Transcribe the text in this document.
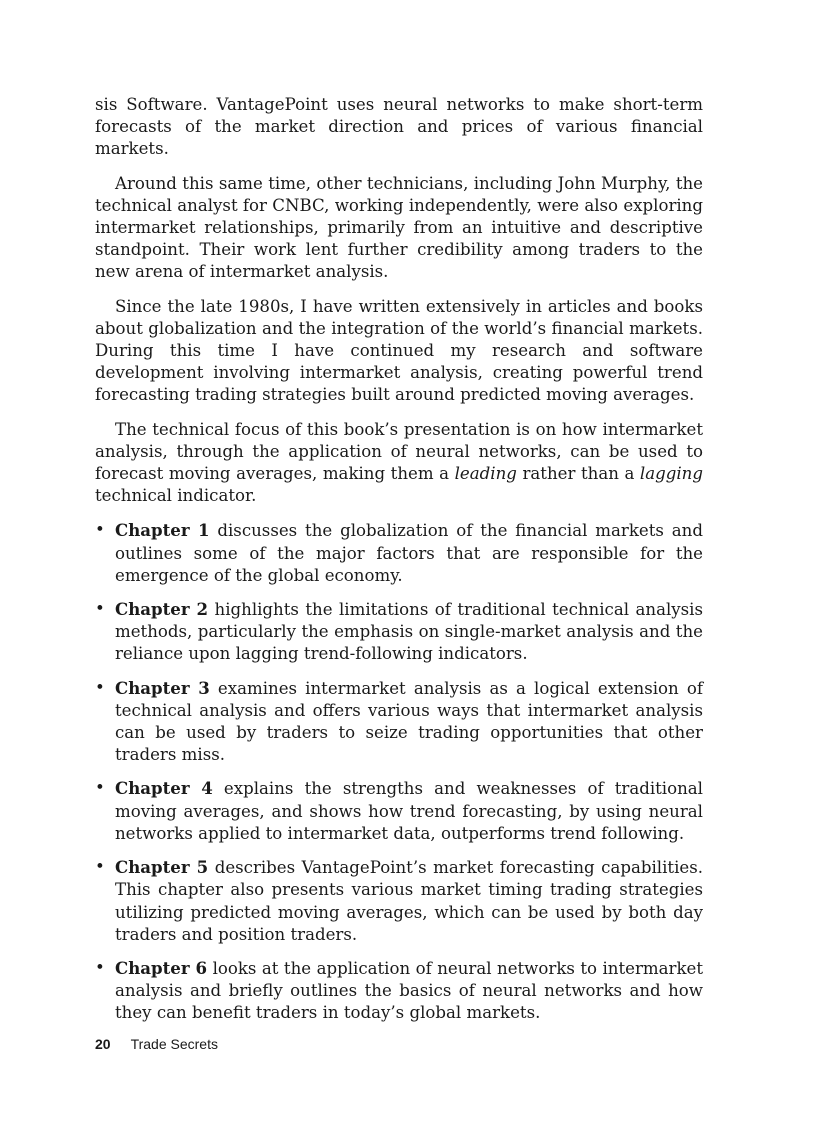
sis Software. VantagePoint uses neural networks to make short-term forecasts of the market direction and prices of various financial markets.

Around this same time, other technicians, including John Murphy, the technical analyst for CNBC, working independently, were also exploring intermarket relationships, primarily from an intuitive and descriptive standpoint. Their work lent further credibility among traders to the new arena of intermarket analysis.

Since the late 1980s, I have written extensively in articles and books about globalization and the integration of the world’s financial markets. During this time I have continued my research and software development involving intermarket analysis, creating powerful trend forecasting trading strategies built around predicted moving averages.

The technical focus of this book’s presentation is on how intermarket analysis, through the application of neural networks, can be used to forecast moving averages, making them a leading rather than a lagging technical indicator.

• Chapter 1 discusses the globalization of the financial markets and outlines some of the major factors that are responsible for the emergence of the global economy.
• Chapter 2 highlights the limitations of traditional technical analysis methods, particularly the emphasis on single-market analysis and the reliance upon lagging trend-following indicators.
• Chapter 3 examines intermarket analysis as a logical extension of technical analysis and offers various ways that intermarket analysis can be used by traders to seize trading opportunities that other traders miss.
• Chapter 4 explains the strengths and weaknesses of traditional moving averages, and shows how trend forecasting, by using neural networks applied to intermarket data, outperforms trend following.
• Chapter 5 describes VantagePoint’s market forecasting capabilities. This chapter also presents various market timing trading strategies utilizing predicted moving averages, which can be used by both day traders and position traders.
• Chapter 6 looks at the application of neural networks to intermarket analysis and briefly outlines the basics of neural networks and how they can benefit traders in today’s global markets.
20 Trade Secrets
